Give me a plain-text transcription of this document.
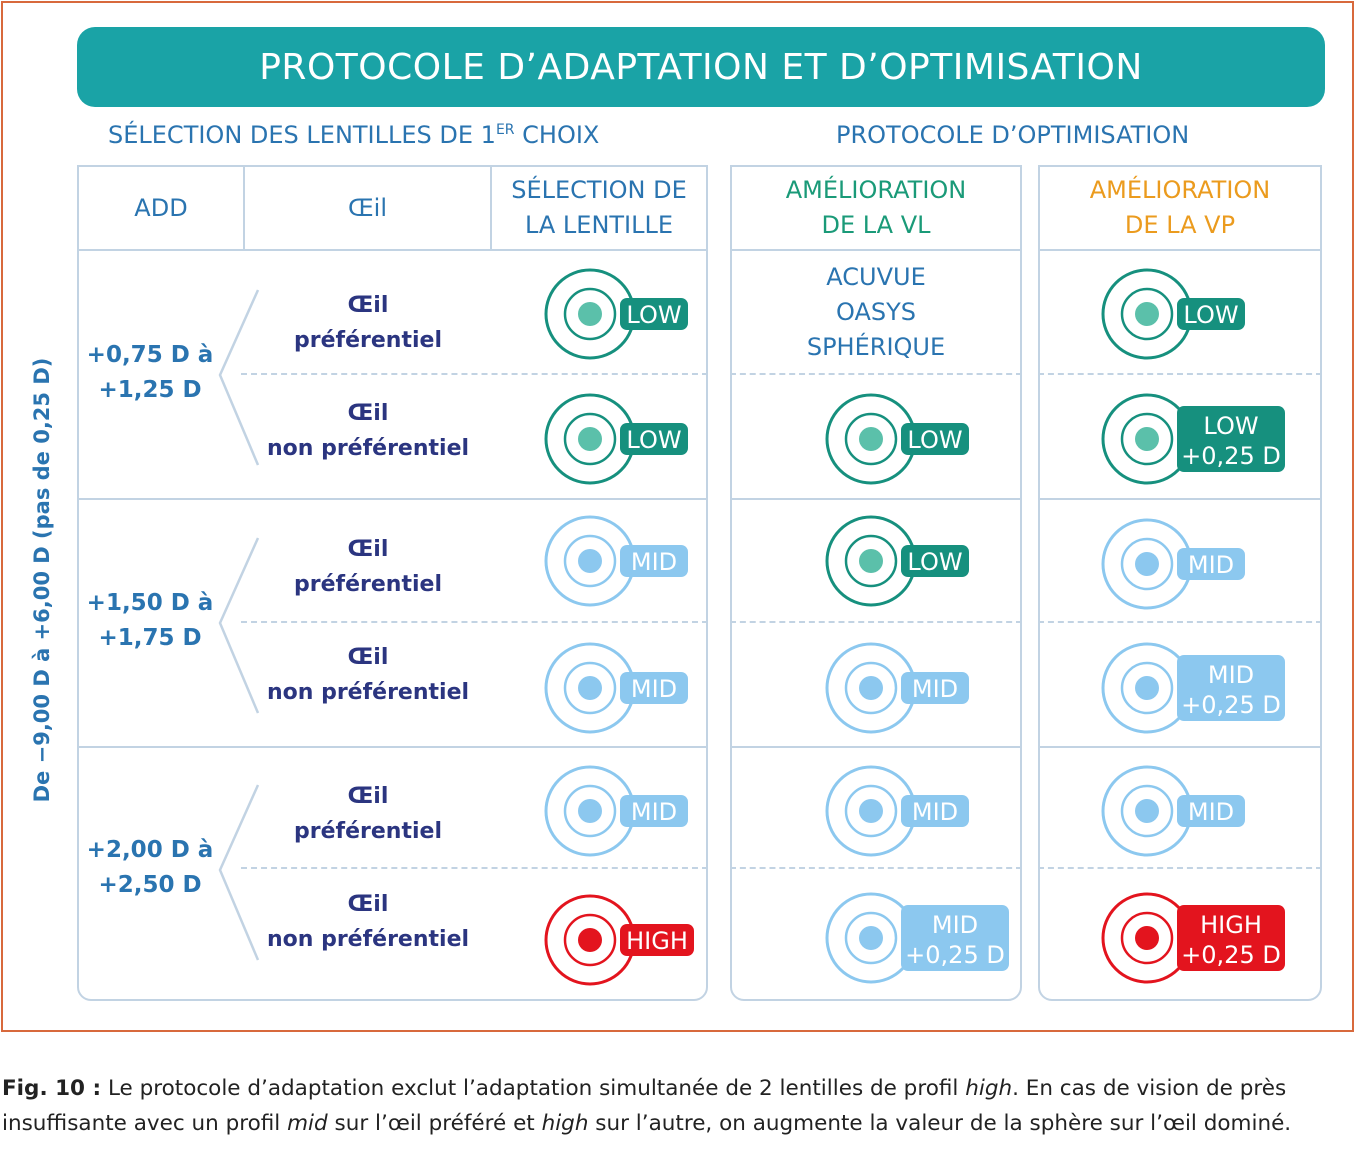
PROTOCOLE D’ADAPTATION ET D’OPTIMISATION
SÉLECTION DES LENTILLES DE 1ER CHOIX	PROTOCOLE D’OPTIMISATION
De −9,00 D à +6,00 D (pas de 0,25 D)
ADD	Œil
SÉLECTION DE
LA LENTILLE
AMÉLIORATION
DE LA VL
AMÉLIORATION
DE LA VP
+0,75 D à
+1,25 D
+1,50 D à
+1,75 D
+2,00 D à
+2,50 D
Œil
préférentiel
Œil
non préférentiel
Œil
préférentiel
Œil
non préférentiel
Œil
préférentiel
Œil
non préférentiel
ACUVUE
OASYS
SPHÉRIQUE
LOW
LOW
MID
MID
MID
HIGH
LOW
LOW
MID
MID
MID
+0,25 D
LOW
LOW
+0,25 D
MID
MID
+0,25 D
MID
HIGH
+0,25 D
Fig. 10 : Le protocole d’adaptation exclut l’adaptation simultanée de 2 lentilles de profil high. En cas de vision de près insuffisante avec un profil mid sur l’œil préféré et high sur l’autre, on augmente la valeur de la sphère sur l’œil dominé.
